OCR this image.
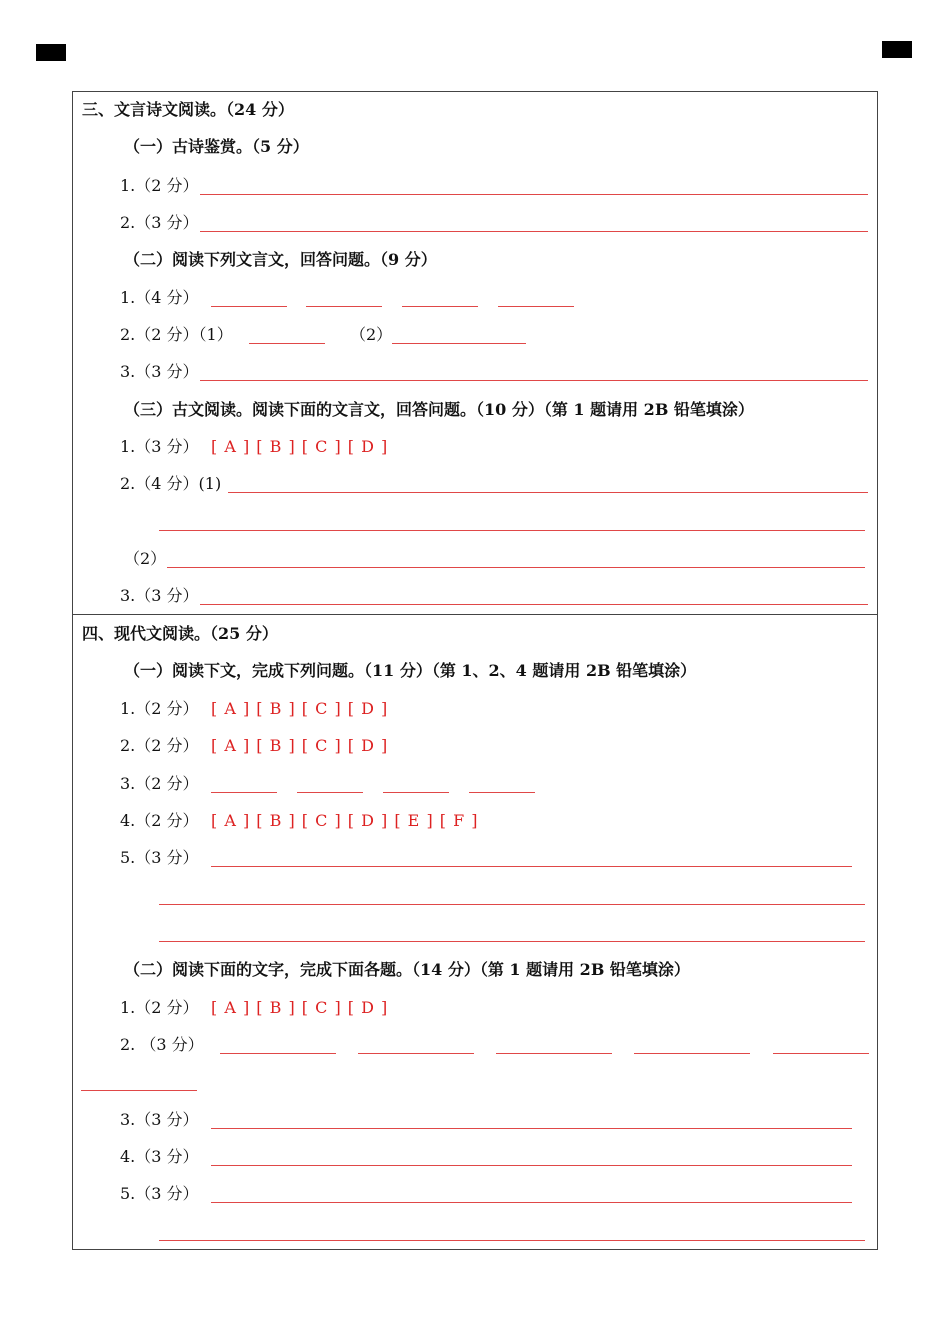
三、文言诗文阅读。（24 分）
（一）古诗鉴赏。（5 分）
1.（2 分）
2.（3 分）
（二）阅读下列文言文，回答问题。（9 分）
1.（4 分）
2.（2 分）（1）	（2）
3.（3 分）
（三）古文阅读。阅读下面的文言文，回答问题。（10 分）（第 1 题请用 2B 铅笔填涂）
1.（3 分） [ A ] [ B ] [ C ] [ D ]
2.（4 分）(1)
（2）
3.（3 分）
四、现代文阅读。（25 分）
（一）阅读下文，完成下列问题。（11 分）（第 1、2、4 题请用 2B 铅笔填涂）
1.（2 分） [ A ] [ B ] [ C ] [ D ]
2.（2 分） [ A ] [ B ] [ C ] [ D ]
3.（2 分）
4.（2 分） [ A ] [ B ] [ C ] [ D ] [ E ] [ F ]
5.（3 分）
（二）阅读下面的文字，完成下面各题。（14 分）（第 1 题请用 2B 铅笔填涂）
1.（2 分） [ A ] [ B ] [ C ] [ D ]
2. （3 分）
3.（3 分）
4.（3 分）
5.（3 分）
